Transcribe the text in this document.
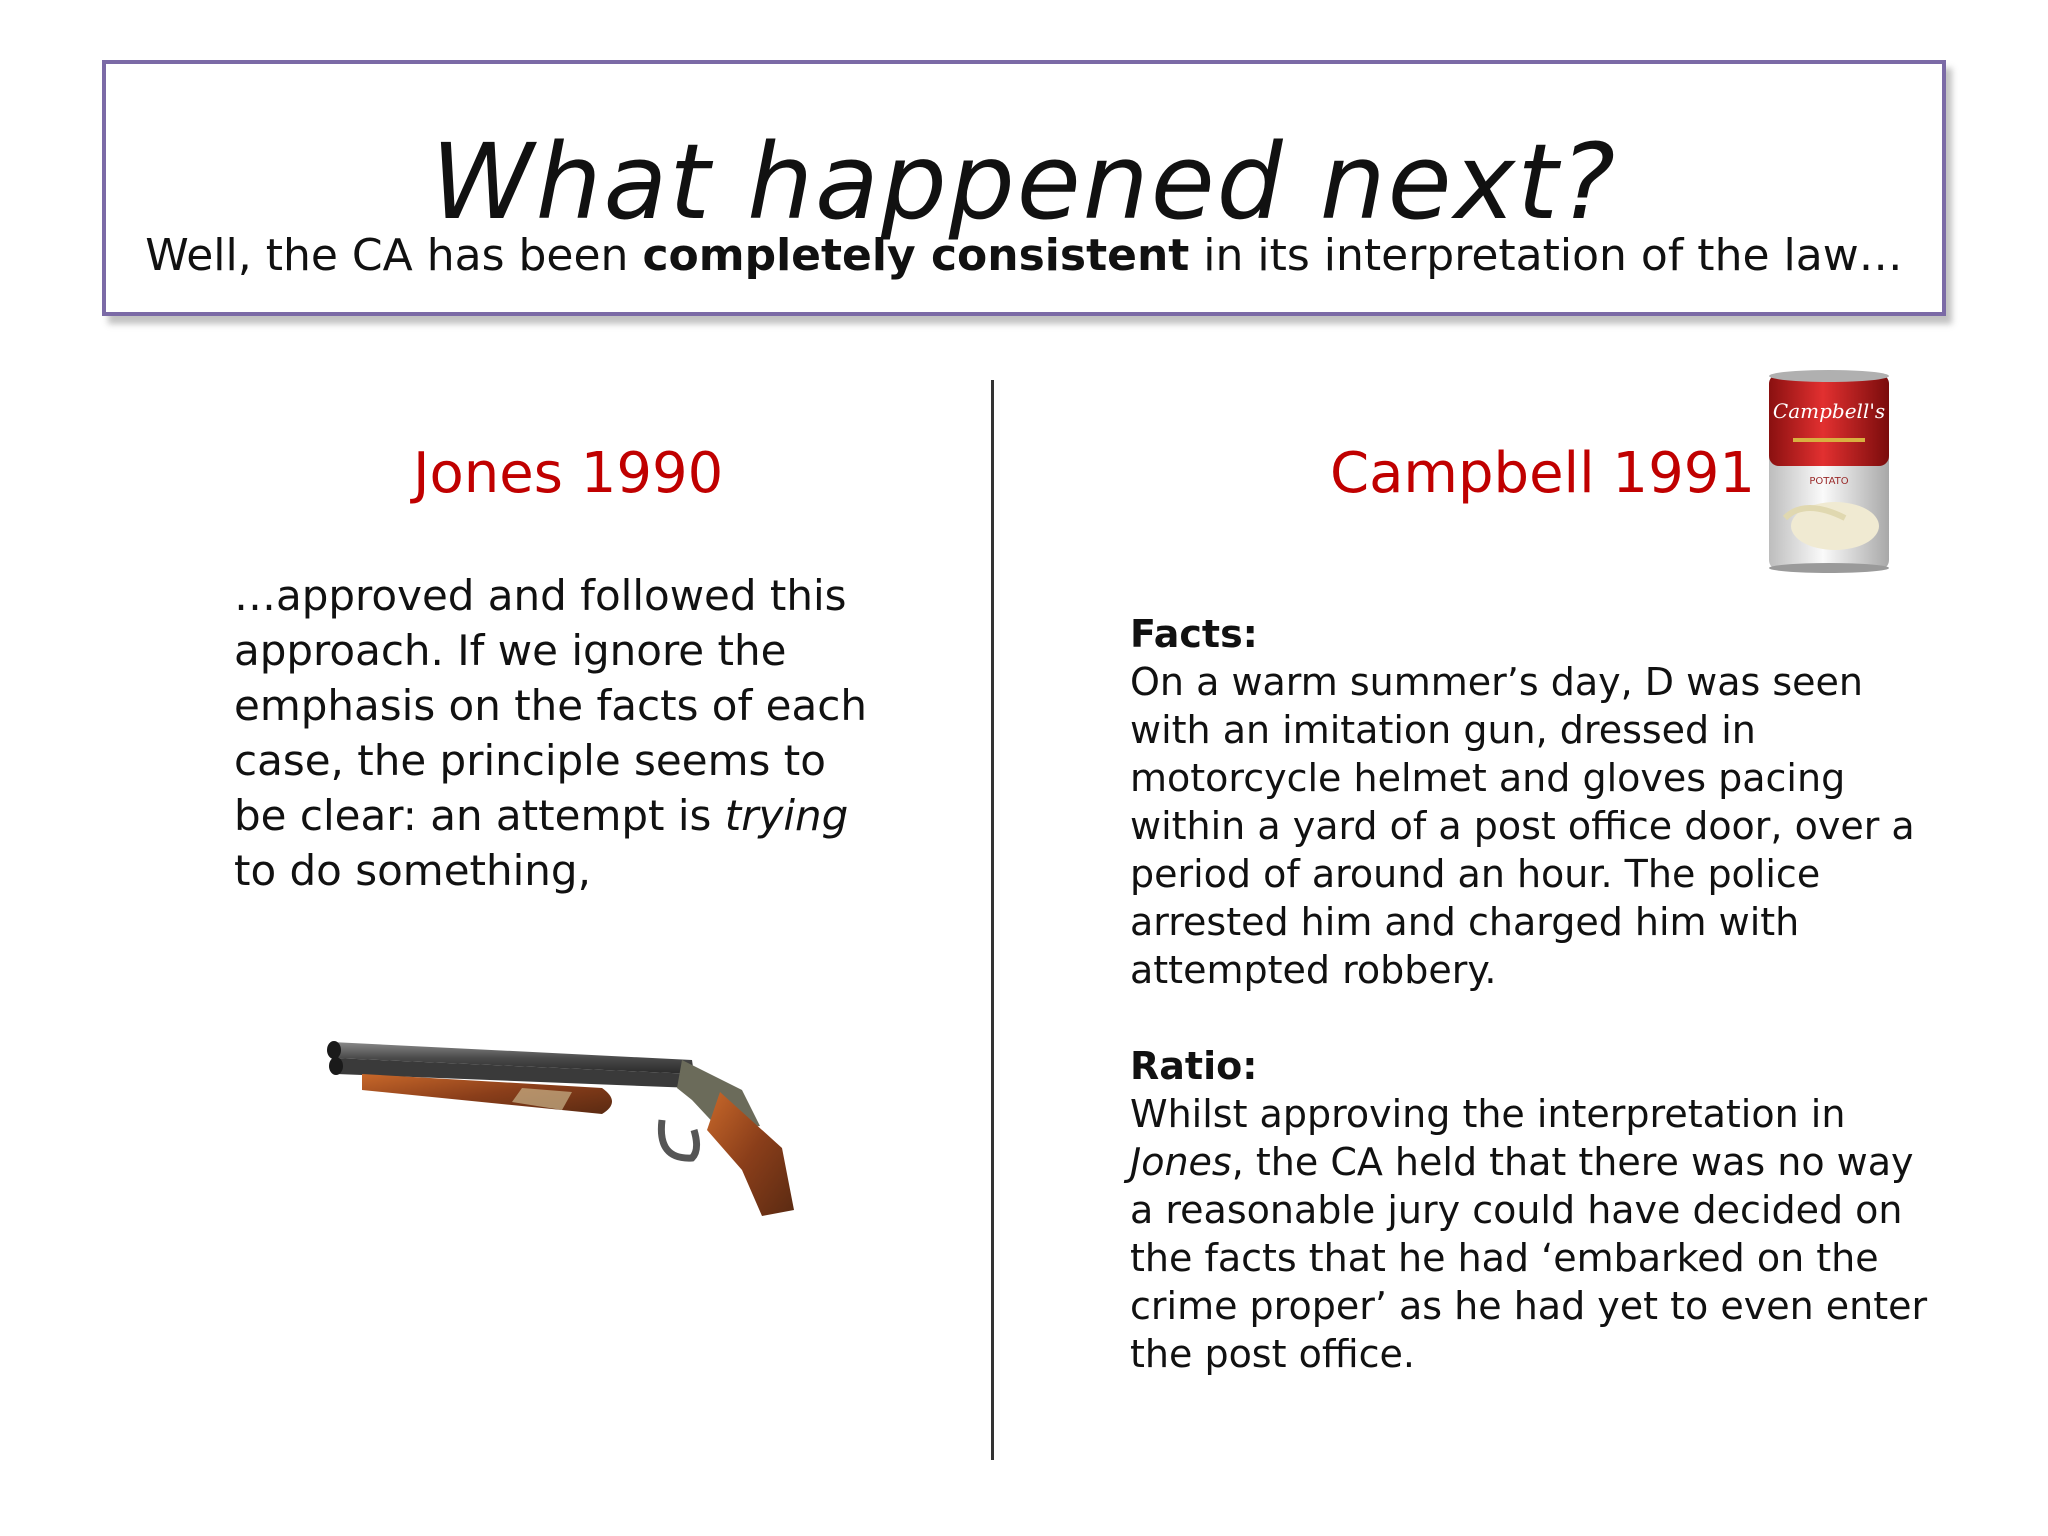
What happened next?
Well, the CA has been completely consistent in its interpretation of the law…
Jones 1990
…approved and followed this approach. If we ignore the emphasis on the facts of each case, the principle seems to be clear: an attempt is trying to do something,
Campbell 1991
Campbell's
POTATO
Facts:
On a warm summer’s day, D was seen with an imitation gun, dressed in motorcycle helmet and gloves pacing within a yard of a post office door, over a period of around an hour. The police arrested him and charged him with attempted robbery.
Ratio:
Whilst approving the interpretation in Jones, the CA held that there was no way a reasonable jury could have decided on the facts that he had ‘embarked on the crime proper’ as he had yet to even enter the post office.
